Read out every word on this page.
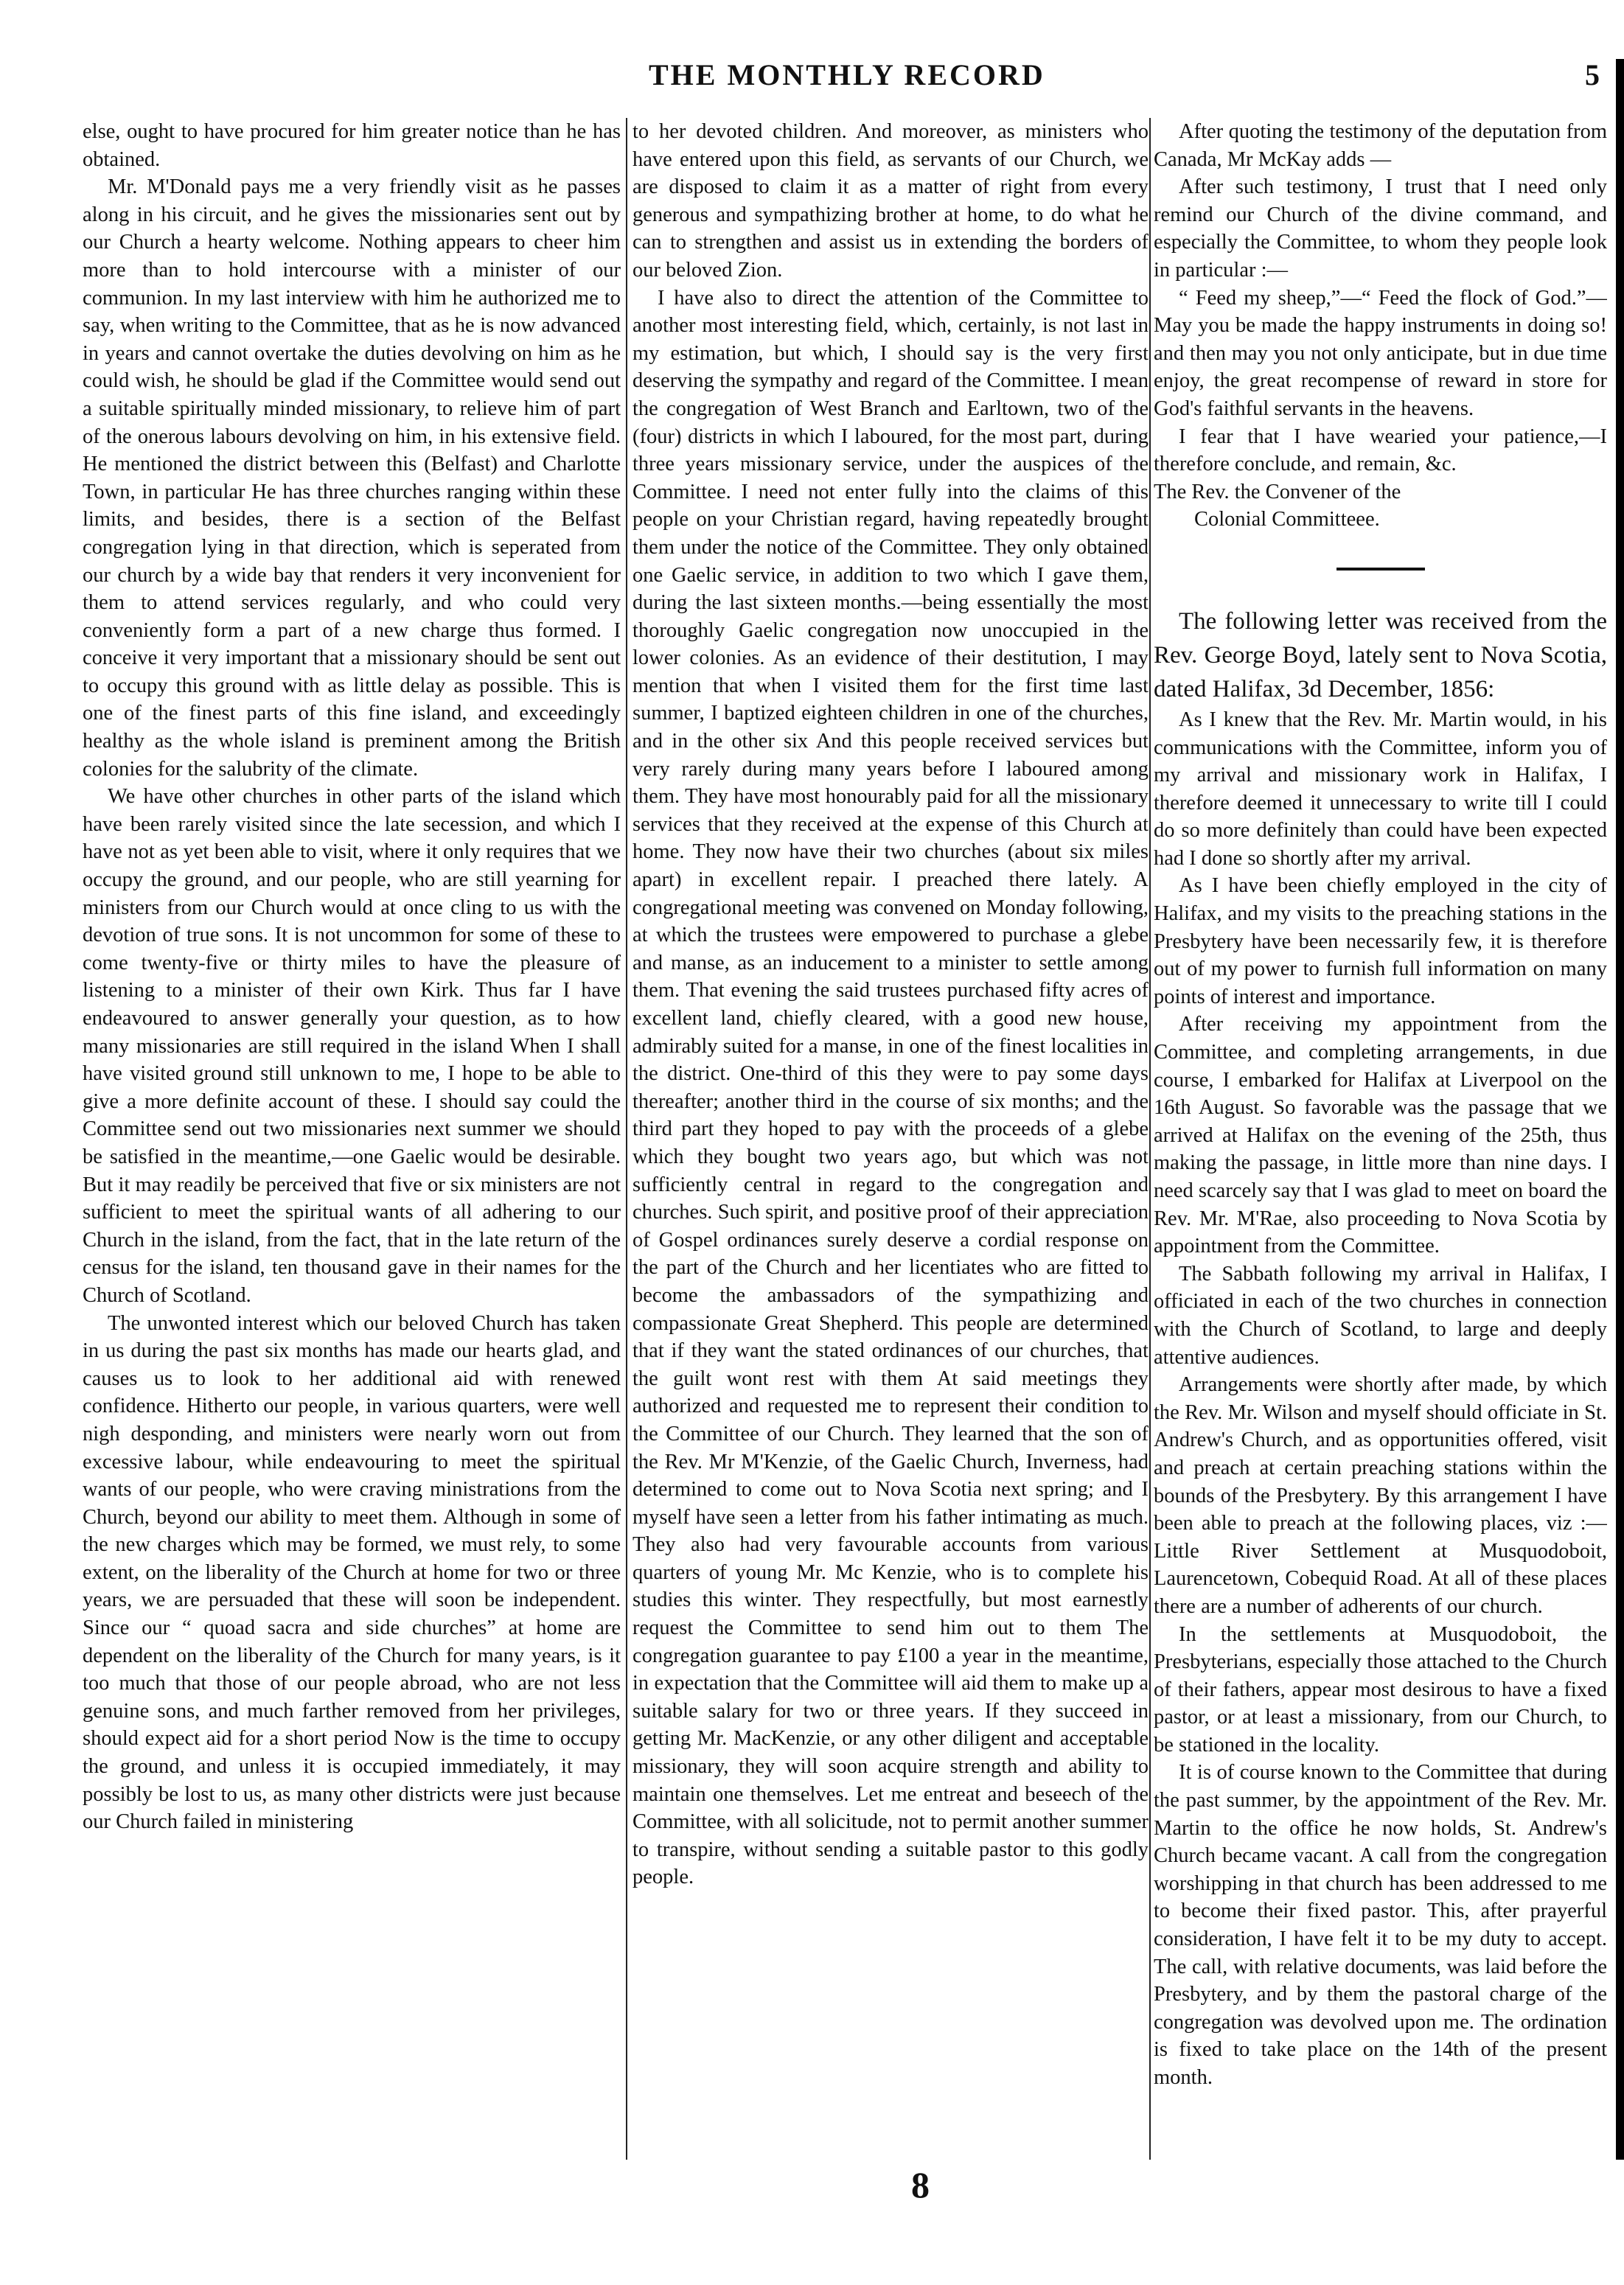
THE MONTHLY RECORD	5

else, ought to have procured for him greater notice than he has obtained.

Mr. M'Donald pays me a very friendly visit as he passes along in his circuit, and he gives the missionaries sent out by our Church a hearty welcome. Nothing appears to cheer him more than to hold intercourse with a minister of our communion. In my last interview with him he authorized me to say, when writing to the Committee, that as he is now advanced in years and cannot overtake the duties devolving on him as he could wish, he should be glad if the Committee would send out a suitable spiritually minded missionary, to relieve him of part of the onerous labours devolving on him, in his extensive field. He mentioned the district between this (Belfast) and Charlotte Town, in particular He has three churches ranging within these limits, and besides, there is a section of the Belfast congregation lying in that direction, which is seperated from our church by a wide bay that renders it very inconvenient for them to attend services regularly, and who could very conveniently form a part of a new charge thus formed. I conceive it very important that a missionary should be sent out to occupy this ground with as little delay as possible. This is one of the finest parts of this fine island, and exceedingly healthy as the whole island is preminent among the British colonies for the salubrity of the climate.

We have other churches in other parts of the island which have been rarely visited since the late secession, and which I have not as yet been able to visit, where it only requires that we occupy the ground, and our people, who are still yearning for ministers from our Church would at once cling to us with the devotion of true sons. It is not uncommon for some of these to come twenty-five or thirty miles to have the pleasure of listening to a minister of their own Kirk. Thus far I have endeavoured to answer generally your question, as to how many missionaries are still required in the island When I shall have visited ground still unknown to me, I hope to be able to give a more definite account of these. I should say could the Committee send out two missionaries next summer we should be satisfied in the meantime,—one Gaelic would be desirable. But it may readily be perceived that five or six ministers are not sufficient to meet the spiritual wants of all adhering to our Church in the island, from the fact, that in the late return of the census for the island, ten thousand gave in their names for the Church of Scotland.

The unwonted interest which our beloved Church has taken in us during the past six months has made our hearts glad, and causes us to look to her additional aid with renewed confidence. Hitherto our people, in various quarters, were well nigh desponding, and ministers were nearly worn out from excessive labour, while endeavouring to meet the spiritual wants of our people, who were craving ministrations from the Church, beyond our ability to meet them. Although in some of the new charges which may be formed, we must rely, to some extent, on the liberality of the Church at home for two or three years, we are persuaded that these will soon be independent. Since our “ quoad sacra and side churches” at home are dependent on the liberality of the Church for many years, is it too much that those of our people abroad, who are not less genuine sons, and much farther removed from her privileges, should expect aid for a short period Now is the time to occupy the ground, and unless it is occupied immediately, it may possibly be lost to us, as many other districts were just because our Church failed in ministering

to her devoted children. And moreover, as ministers who have entered upon this field, as servants of our Church, we are disposed to claim it as a matter of right from every generous and sympathizing brother at home, to do what he can to strengthen and assist us in extending the borders of our beloved Zion.

I have also to direct the attention of the Committee to another most interesting field, which, certainly, is not last in my estimation, but which, I should say is the very first deserving the sympathy and regard of the Committee. I mean the congregation of West Branch and Earltown, two of the (four) districts in which I laboured, for the most part, during three years missionary service, under the auspices of the Committee. I need not enter fully into the claims of this people on your Christian regard, having repeatedly brought them under the notice of the Committee. They only obtained one Gaelic service, in addition to two which I gave them, during the last sixteen months.—being essentially the most thoroughly Gaelic congregation now unoccupied in the lower colonies. As an evidence of their destitution, I may mention that when I visited them for the first time last summer, I baptized eighteen children in one of the churches, and in the other six And this people received services but very rarely during many years before I laboured among them. They have most honourably paid for all the missionary services that they received at the expense of this Church at home. They now have their two churches (about six miles apart) in excellent repair. I preached there lately. A congregational meeting was convened on Monday following, at which the trustees were empowered to purchase a glebe and manse, as an inducement to a minister to settle among them. That evening the said trustees purchased fifty acres of excellent land, chiefly cleared, with a good new house, admirably suited for a manse, in one of the finest localities in the district. One-third of this they were to pay some days thereafter; another third in the course of six months; and the third part they hoped to pay with the proceeds of a glebe which they bought two years ago, but which was not sufficiently central in regard to the congregation and churches. Such spirit, and positive proof of their appreciation of Gospel ordinances surely deserve a cordial response on the part of the Church and her licentiates who are fitted to become the ambassadors of the sympathizing and compassionate Great Shepherd. This people are determined that if they want the stated ordinances of our churches, that the guilt wont rest with them At said meetings they authorized and requested me to represent their condition to the Committee of our Church. They learned that the son of the Rev. Mr M'Kenzie, of the Gaelic Church, Inverness, had determined to come out to Nova Scotia next spring; and I myself have seen a letter from his father intimating as much. They also had very favourable accounts from various quarters of young Mr. Mc Kenzie, who is to complete his studies this winter. They respectfully, but most earnestly request the Committee to send him out to them The congregation guarantee to pay £100 a year in the meantime, in expectation that the Committee will aid them to make up a suitable salary for two or three years. If they succeed in getting Mr. MacKenzie, or any other diligent and acceptable missionary, they will soon acquire strength and ability to maintain one themselves. Let me entreat and beseech of the Committee, with all solicitude, not to permit another summer to transpire, without sending a suitable pastor to this godly people.

After quoting the testimony of the deputation from Canada, Mr McKay adds —

After such testimony, I trust that I need only remind our Church of the divine command, and especially the Committee, to whom they people look in particular :—

“ Feed my sheep,”—“ Feed the flock of God.”—May you be made the happy instruments in doing so! and then may you not only anticipate, but in due time enjoy, the great recompense of reward in store for God's faithful servants in the heavens.

I fear that I have wearied your patience,—I therefore conclude, and remain, &c.

The Rev. the Convener of the

Colonial Committeee.

The following letter was received from the Rev. George Boyd, lately sent to Nova Scotia, dated Halifax, 3d December, 1856:

As I knew that the Rev. Mr. Martin would, in his communications with the Committee, inform you of my arrival and missionary work in Halifax, I therefore deemed it unnecessary to write till I could do so more definitely than could have been expected had I done so shortly after my arrival.

As I have been chiefly employed in the city of Halifax, and my visits to the preaching stations in the Presbytery have been necessarily few, it is therefore out of my power to furnish full information on many points of interest and importance.

After receiving my appointment from the Committee, and completing arrangements, in due course, I embarked for Halifax at Liverpool on the 16th August. So favorable was the passage that we arrived at Halifax on the evening of the 25th, thus making the passage, in little more than nine days. I need scarcely say that I was glad to meet on board the Rev. Mr. M'Rae, also proceeding to Nova Scotia by appointment from the Committee.

The Sabbath following my arrival in Halifax, I officiated in each of the two churches in connection with the Church of Scotland, to large and deeply attentive audiences.

Arrangements were shortly after made, by which the Rev. Mr. Wilson and myself should officiate in St. Andrew's Church, and as opportunities offered, visit and preach at certain preaching stations within the bounds of the Presbytery. By this arrangement I have been able to preach at the following places, viz :— Little River Settlement at Musquodoboit, Laurencetown, Cobequid Road. At all of these places there are a number of adherents of our church.

In the settlements at Musquodoboit, the Presbyterians, especially those attached to the Church of their fathers, appear most desirous to have a fixed pastor, or at least a missionary, from our Church, to be stationed in the locality.

It is of course known to the Committee that during the past summer, by the appointment of the Rev. Mr. Martin to the office he now holds, St. Andrew's Church became vacant. A call from the congregation worshipping in that church has been addressed to me to become their fixed pastor. This, after prayerful consideration, I have felt it to be my duty to accept. The call, with relative documents, was laid before the Presbytery, and by them the pastoral charge of the congregation was devolved upon me. The ordination is fixed to take place on the 14th of the present month.

8
